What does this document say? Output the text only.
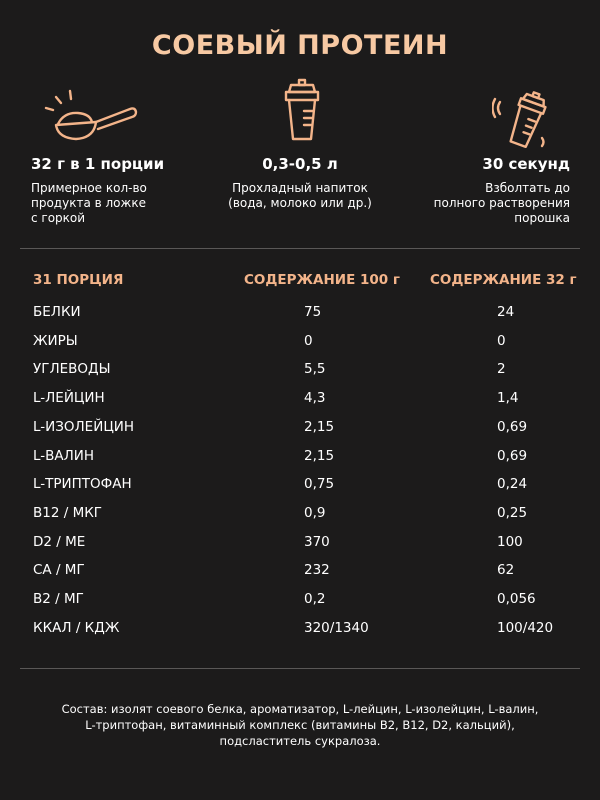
СОЕВЫЙ ПРОТЕИН
32 г в 1 порции
Примерное кол-во
продукта в ложке
с горкой
0,3-0,5 л
Прохладный напиток
(вода, молоко или др.)
30 секунд
Взболтать до
полного растворения
порошка
31 ПОРЦИЯ	СОДЕРЖАНИЕ 100 г СОДЕРЖАНИЕ 32 г
БЕЛКИ	75	24
ЖИРЫ	0	0
УГЛЕВОДЫ	5,5	2
L-ЛЕЙЦИН	4,3	1,4
L-ИЗОЛЕЙЦИН	2,15	0,69
L-ВАЛИН	2,15	0,69
L-ТРИПТОФАН	0,75	0,24
B12 / МКГ	0,9	0,25
D2 / МЕ	370	100
CA / МГ	232	62
B2 / МГ	0,2	0,056
ККАЛ / КДЖ	320/1340	100/420
Состав: изолят соевого белка, ароматизатор, L-лейцин, L-изолейцин, L-валин,
L-триптофан, витаминный комплекс (витамины B2, B12, D2, кальций),
подсластитель сукралоза.
